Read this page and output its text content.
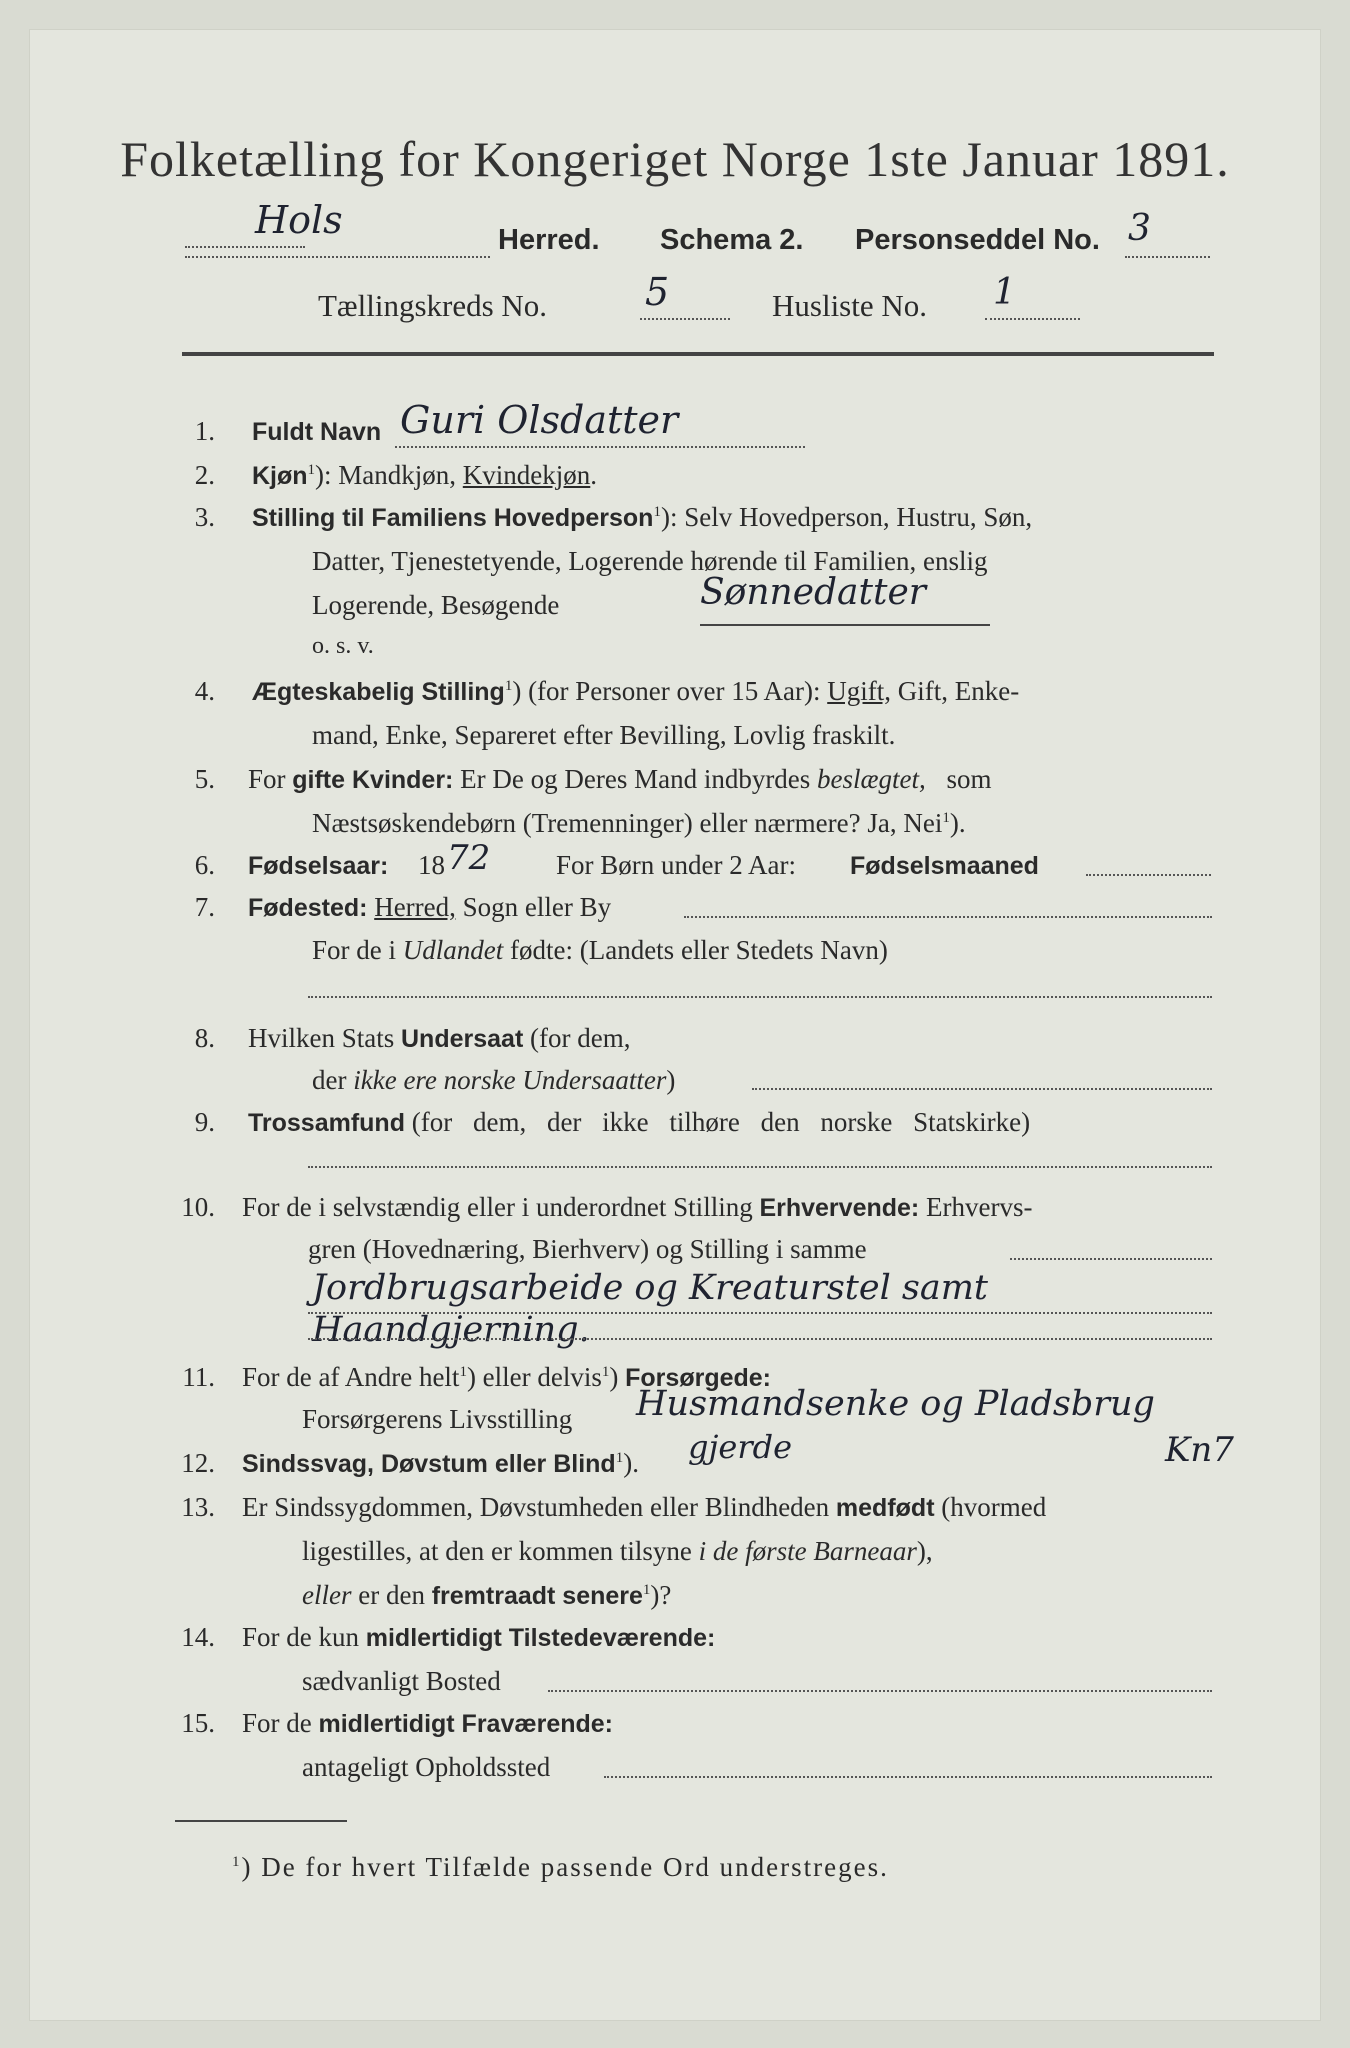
Folketælling for Kongeriget Norge 1ste Januar 1891.
Hols	Herred. Schema 2. Personseddel No. 3
Tællingskreds No.	5	Husliste No. 1
1. Fuldt Navn Guri Olsdatter
2. Kjøn$^1$): Mandkjøn, Kvindekjøn.
3. Stilling til Familiens Hovedperson$^1$): Selv Hovedperson, Hustru, Søn,
Datter, Tjenestetyende, Logerende hørende til Familien, enslig
Logerende, Besøgende	Sønnedatter
o. s. v.
4. Ægteskabelig Stilling$^1$) (for Personer over 15 Aar): Ugift, Gift, Enke-
mand, Enke, Separeret efter Bevilling, Lovlig fraskilt.
5. For gifte Kvinder: Er De og Deres Mand indbyrdes beslægtet, som
Næstsøskendebørn (Tremenninger) eller nærmere? Ja, Nei$^1$).
6. Fødselsaar: 18 72 For Børn under 2 Aar: Fødselsmaaned
7. Fødested: Herred, Sogn eller By
For de i Udlandet fødte: (Landets eller Stedets Navn)
8. Hvilken Stats Undersaat (for dem,
der ikke ere norske Undersaatter)
9. Trossamfund (for dem, der ikke tilhøre den norske Statskirke)
10. For de i selvstændig eller i underordnet Stilling Erhvervende: Erhvervs-
gren (Hovednæring, Bierhverv) og Stilling i samme
Jordbrugsarbeide og Kreaturstel samt
Haandgjerning.
11. For de af Andre helt$^1$) eller delvis$^1$) Forsørgede:
Forsørgerens Livsstilling Husmandsenke og Pladsbrug
gjerde
12. Sindssvag, Døvstum eller Blind$^1$).	Kn7
13. Er Sindssygdommen, Døvstumheden eller Blindheden medfødt (hvormed
ligestilles, at den er kommen tilsyne i de første Barneaar),
eller er den fremtraadt senere$^1$)?
14. For de kun midlertidigt Tilstedeværende:
sædvanligt Bosted
15. For de midlertidigt Fraværende:
antageligt Opholdssted
$^1$) De for hvert Tilfælde passende Ord understreges.
